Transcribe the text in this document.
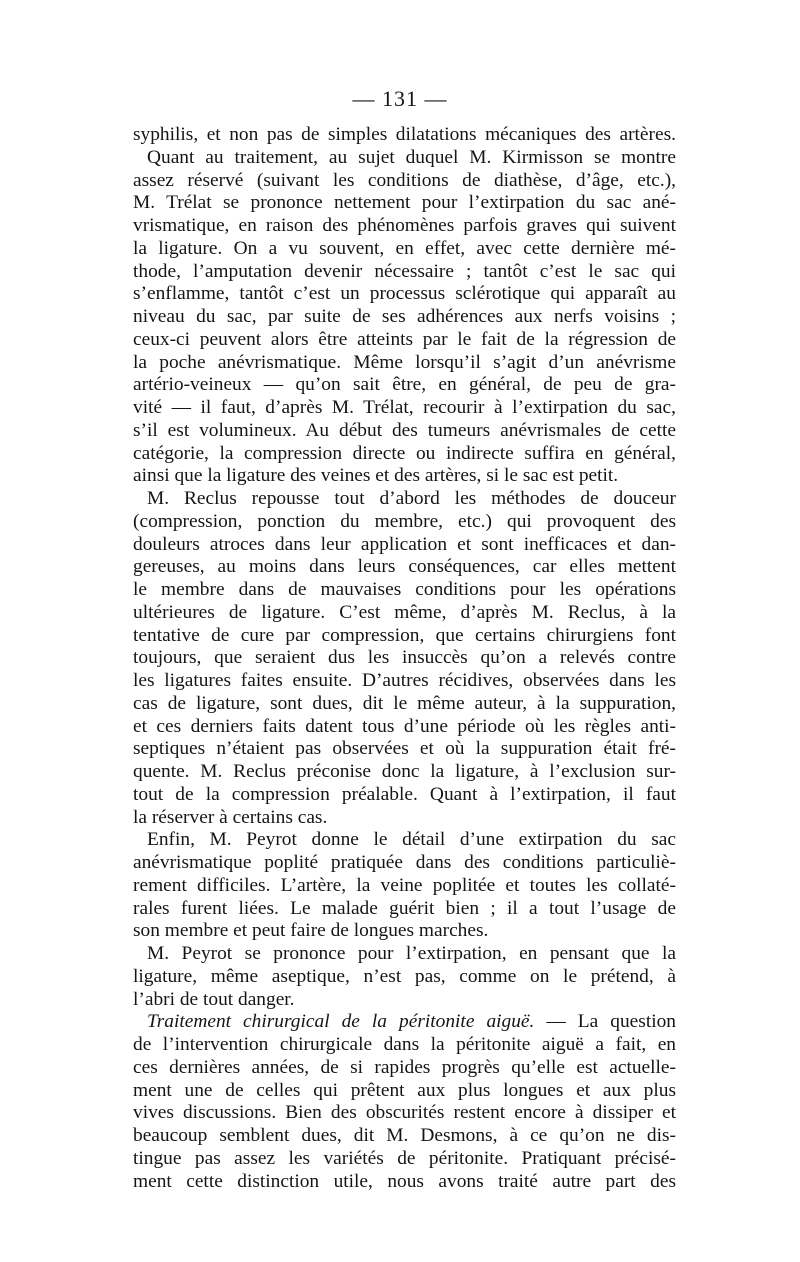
— 131 —
syphilis, et non pas de simples dilatations mécaniques des artères.
Quant au traitement, au sujet duquel M. Kirmisson se montre
assez réservé (suivant les conditions de diathèse, d’âge, etc.),
M. Trélat se prononce nettement pour l’extirpation du sac ané-
vrismatique, en raison des phénomènes parfois graves qui suivent
la ligature. On a vu souvent, en effet, avec cette dernière mé-
thode, l’amputation devenir nécessaire ; tantôt c’est le sac qui
s’enflamme, tantôt c’est un processus sclérotique qui apparaît au
niveau du sac, par suite de ses adhérences aux nerfs voisins ;
ceux-ci peuvent alors être atteints par le fait de la régression de
la poche anévrismatique. Même lorsqu’il s’agit d’un anévrisme
artério-veineux — qu’on sait être, en général, de peu de gra-
vité — il faut, d’après M. Trélat, recourir à l’extirpation du sac,
s’il est volumineux. Au début des tumeurs anévrismales de cette
catégorie, la compression directe ou indirecte suffira en général,
ainsi que la ligature des veines et des artères, si le sac est petit.
M. Reclus repousse tout d’abord les méthodes de douceur
(compression, ponction du membre, etc.) qui provoquent des
douleurs atroces dans leur application et sont inefficaces et dan-
gereuses, au moins dans leurs conséquences, car elles mettent
le membre dans de mauvaises conditions pour les opérations
ultérieures de ligature. C’est même, d’après M. Reclus, à la
tentative de cure par compression, que certains chirurgiens font
toujours, que seraient dus les insuccès qu’on a relevés contre
les ligatures faites ensuite. D’autres récidives, observées dans les
cas de ligature, sont dues, dit le même auteur, à la suppuration,
et ces derniers faits datent tous d’une période où les règles anti-
septiques n’étaient pas observées et où la suppuration était fré-
quente. M. Reclus préconise donc la ligature, à l’exclusion sur-
tout de la compression préalable. Quant à l’extirpation, il faut
la réserver à certains cas.
Enfin, M. Peyrot donne le détail d’une extirpation du sac
anévrismatique poplité pratiquée dans des conditions particuliè-
rement difficiles. L’artère, la veine poplitée et toutes les collaté-
rales furent liées. Le malade guérit bien ; il a tout l’usage de
son membre et peut faire de longues marches.
M. Peyrot se prononce pour l’extirpation, en pensant que la
ligature, même aseptique, n’est pas, comme on le prétend, à
l’abri de tout danger.
Traitement chirurgical de la péritonite aiguë. — La question
de l’intervention chirurgicale dans la péritonite aiguë a fait, en
ces dernières années, de si rapides progrès qu’elle est actuelle-
ment une de celles qui prêtent aux plus longues et aux plus
vives discussions. Bien des obscurités restent encore à dissiper et
beaucoup semblent dues, dit M. Desmons, à ce qu’on ne dis-
tingue pas assez les variétés de péritonite. Pratiquant précisé-
ment cette distinction utile, nous avons traité autre part des
